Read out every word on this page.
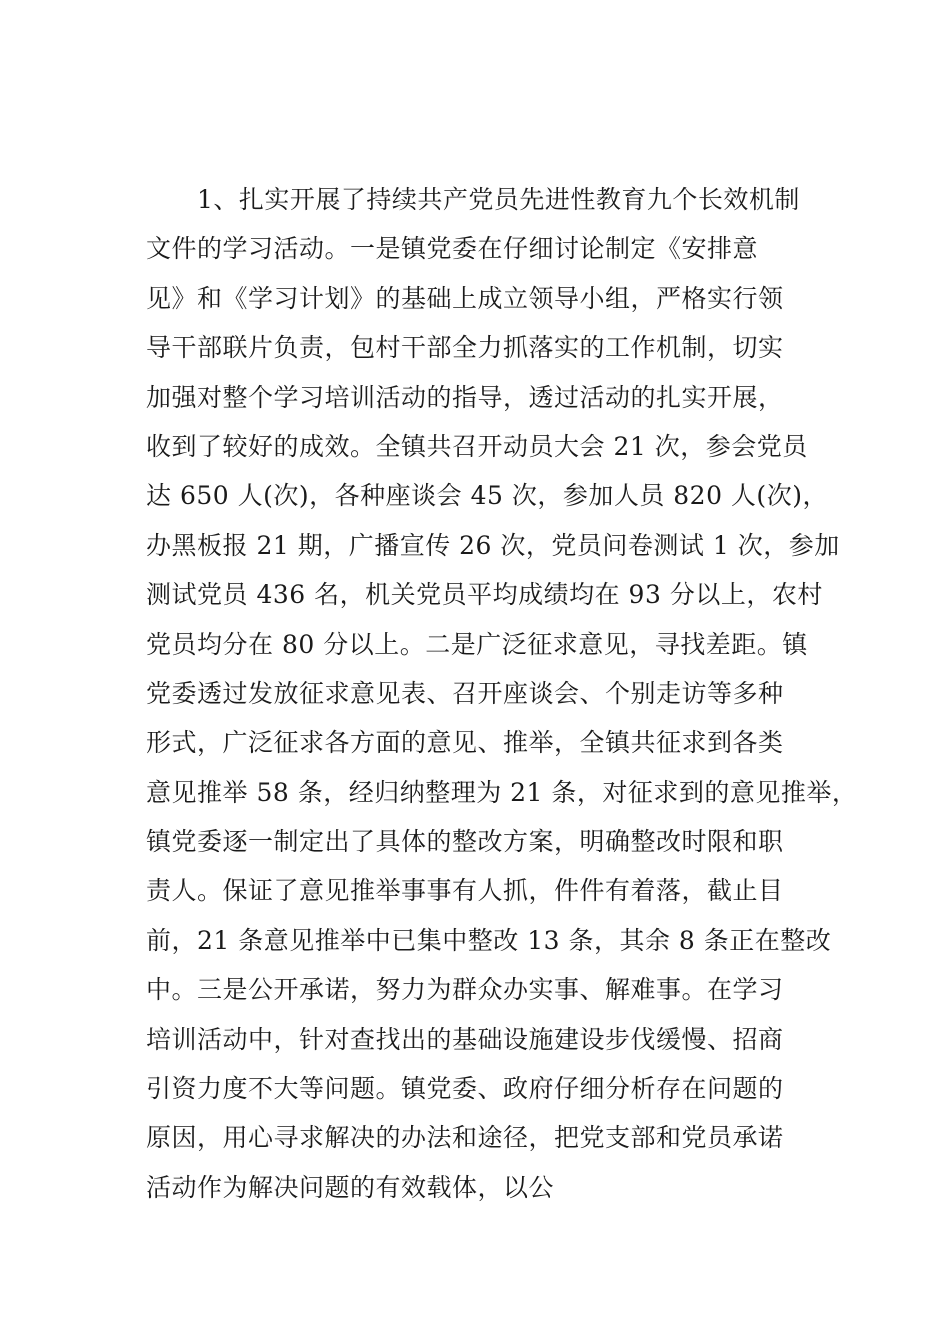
　　1、扎实开展了持续共产党员先进性教育九个长效机制
文件的学习活动。一是镇党委在仔细讨论制定《安排意
见》和《学习计划》的基础上成立领导小组，严格实行领
导干部联片负责，包村干部全力抓落实的工作机制，切实
加强对整个学习培训活动的指导，透过活动的扎实开展，
收到了较好的成效。全镇共召开动员大会 21 次，参会党员
达 650 人(次)，各种座谈会 45 次，参加人员 820 人(次)，
办黑板报 21 期，广播宣传 26 次，党员问卷测试 1 次，参加
测试党员 436 名，机关党员平均成绩均在 93 分以上，农村
党员均分在 80 分以上。二是广泛征求意见，寻找差距。镇
党委透过发放征求意见表、召开座谈会、个别走访等多种
形式，广泛征求各方面的意见、推举，全镇共征求到各类
意见推举 58 条，经归纳整理为 21 条，对征求到的意见推举，
镇党委逐一制定出了具体的整改方案，明确整改时限和职
责人。保证了意见推举事事有人抓，件件有着落，截止目
前，21 条意见推举中已集中整改 13 条，其余 8 条正在整改
中。三是公开承诺，努力为群众办实事、解难事。在学习
培训活动中，针对查找出的基础设施建设步伐缓慢、招商
引资力度不大等问题。镇党委、政府仔细分析存在问题的
原因，用心寻求解决的办法和途径，把党支部和党员承诺
活动作为解决问题的有效载体，以公
